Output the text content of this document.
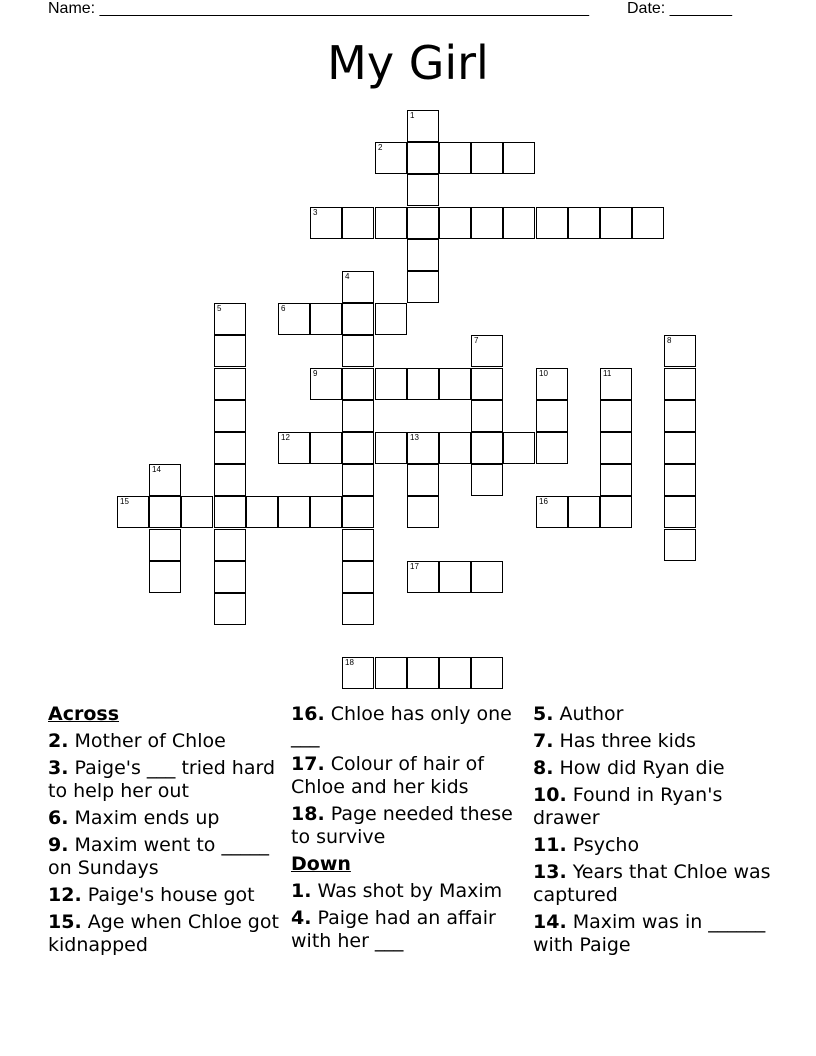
Name: _______________________________________________________ Date: _______
My Girl
1
2
3
4
5	6
7	8
9	10	11
12	13
14
15	16
17
18
Across
2. Mother of Chloe
3. Paige's ___ tried hard to help her out
6. Maxim ends up
9. Maxim went to _____ on Sundays
12. Paige's house got
15. Age when Chloe got kidnapped
16. Chloe has only one ___
17. Colour of hair of Chloe and her kids
18. Page needed these to survive
Down
1. Was shot by Maxim
4. Paige had an affair with her ___
5. Author
7. Has three kids
8. How did Ryan die
10. Found in Ryan's drawer
11. Psycho
13. Years that Chloe was captured
14. Maxim was in ______ with Paige
